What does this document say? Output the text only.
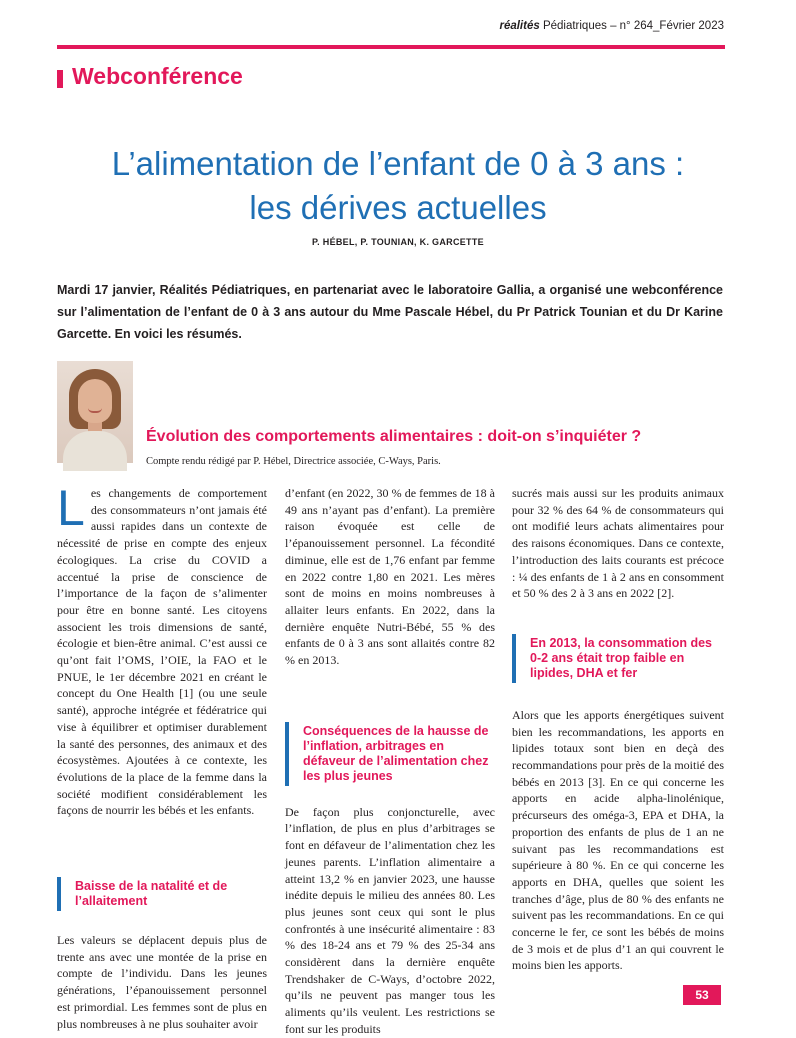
réalités Pédiatriques – n° 264_Février 2023
Webconférence
L’alimentation de l’enfant de 0 à 3 ans :
les dérives actuelles
P. HÉBEL, P. TOUNIAN, K. GARCETTE
Mardi 17 janvier, Réalités Pédiatriques, en partenariat avec le laboratoire Gallia, a organisé une webconférence sur l’alimentation de l’enfant de 0 à 3 ans autour du Mme Pascale Hébel, du Pr Patrick Tounian et du Dr Karine Garcette. En voici les résumés.
Évolution des comportements alimentaires : doit-on s’inquiéter ?
Compte rendu rédigé par P. Hébel, Directrice associée, C-Ways, Paris.
Les changements de comportement des consommateurs n’ont jamais été aussi rapides dans un contexte de nécessité de prise en compte des enjeux écologiques. La crise du COVID a accentué la prise de conscience de l’importance de la façon de s’alimenter pour être en bonne santé. Les citoyens associent les trois dimensions de santé, écologie et bien-être animal. C’est aussi ce qu’ont fait l’OMS, l’OIE, la FAO et le PNUE, le 1er décembre 2021 en créant le concept du One Health [1] (ou une seule santé), approche intégrée et fédératrice qui vise à équilibrer et optimiser durablement la santé des personnes, des animaux et des écosystèmes. Ajoutées à ce contexte, les évolutions de la place de la femme dans la société modifient considérablement les façons de nourrir les bébés et les enfants.
Baisse de la natalité et de l’allaitement
Les valeurs se déplacent depuis plus de trente ans avec une montée de la prise en compte de l’individu. Dans les jeunes générations, l’épanouissement personnel est primordial. Les femmes sont de plus en plus nombreuses à ne plus souhaiter avoir
d’enfant (en 2022, 30 % de femmes de 18 à 49 ans n’ayant pas d’enfant). La première raison évoquée est celle de l’épanouissement personnel. La fécondité diminue, elle est de 1,76 enfant par femme en 2022 contre 1,80 en 2021. Les mères sont de moins en moins nombreuses à allaiter leurs enfants. En 2022, dans la dernière enquête Nutri-Bébé, 55 % des enfants de 0 à 3 ans sont allaités contre 82 % en 2013.
Conséquences de la hausse de l’inflation, arbitrages en défaveur de l’alimentation chez les plus jeunes
De façon plus conjoncturelle, avec l’inflation, de plus en plus d’arbitrages se font en défaveur de l’alimentation chez les jeunes parents. L’inflation alimentaire a atteint 13,2 % en janvier 2023, une hausse inédite depuis le milieu des années 80. Les plus jeunes sont ceux qui sont le plus confrontés à une insécurité alimentaire : 83 % des 18-24 ans et 79 % des 25-34 ans considèrent dans la dernière enquête Trendshaker de C-Ways, d’octobre 2022, qu’ils ne peuvent pas manger tous les aliments qu’ils veulent. Les restrictions se font sur les produits
sucrés mais aussi sur les produits animaux pour 32 % des 64 % de consommateurs qui ont modifié leurs achats alimentaires pour des raisons économiques. Dans ce contexte, l’introduction des laits courants est précoce : ¼ des enfants de 1 à 2 ans en consomment et 50 % des 2 à 3 ans en 2022 [2].
En 2013, la consommation des 0-2 ans était trop faible en lipides, DHA et fer
Alors que les apports énergétiques suivent bien les recommandations, les apports en lipides totaux sont bien en deçà des recommandations pour près de la moitié des bébés en 2013 [3]. En ce qui concerne les apports en acide alpha-linolénique, précurseurs des oméga-3, EPA et DHA, la proportion des enfants de plus de 1 an ne suivant pas les recommandations est supérieure à 80 %. En ce qui concerne les apports en DHA, quelles que soient les tranches d’âge, plus de 80 % des enfants ne suivent pas les recommandations. En ce qui concerne le fer, ce sont les bébés de moins de 3 mois et de plus d’1 an qui couvrent le moins bien les apports.
53
